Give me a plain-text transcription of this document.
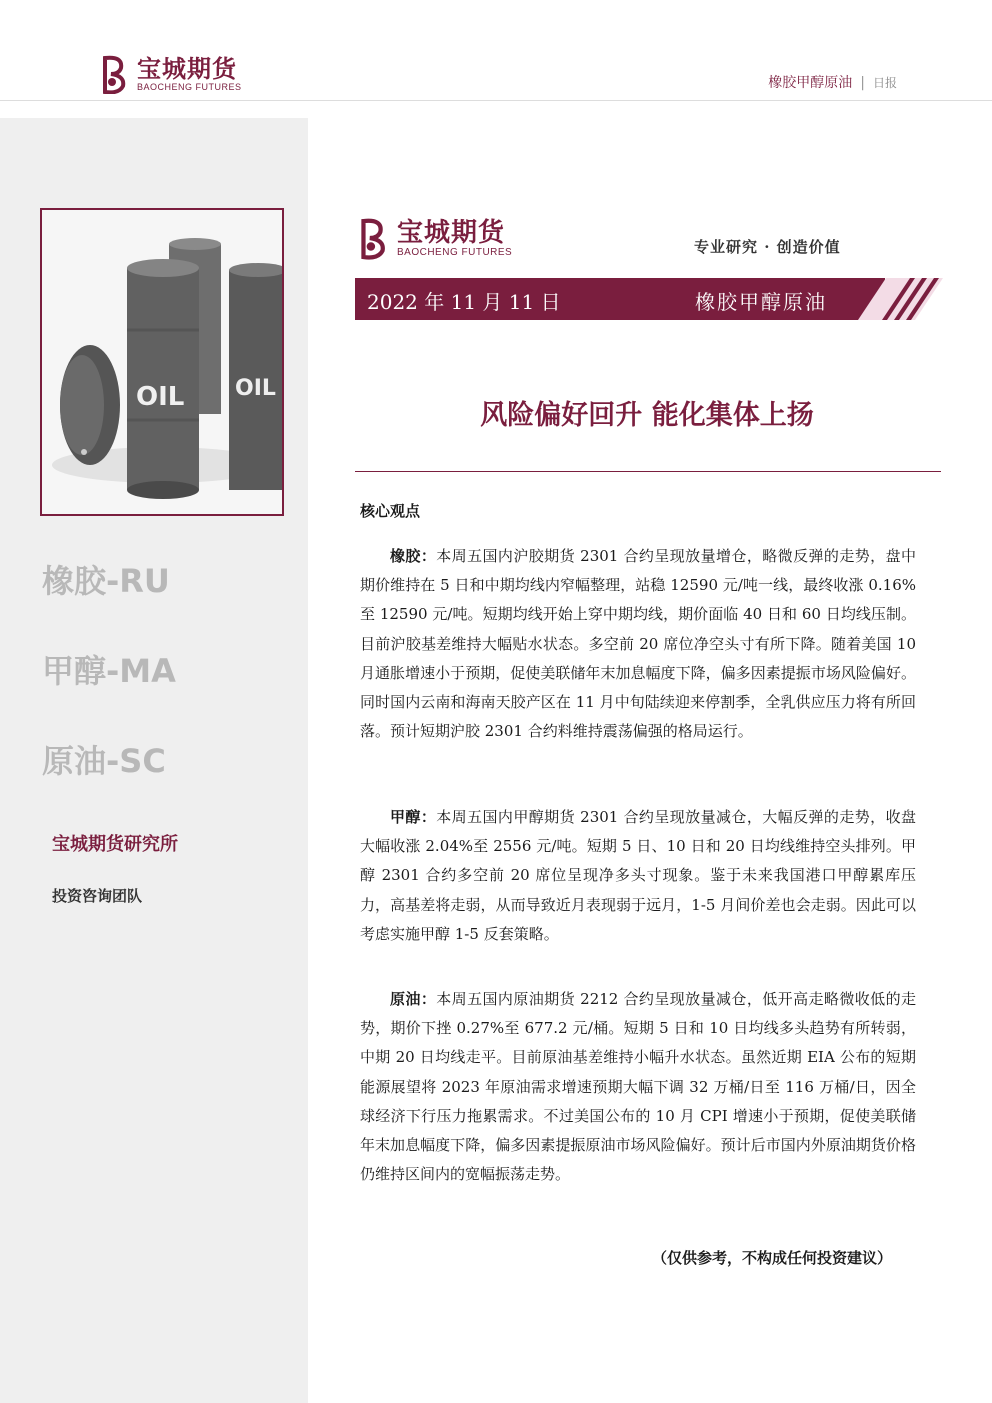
宝城期货
BAOCHENG FUTURES	橡胶甲醇原油 | 日报
OIL
OIL
橡胶-RU
甲醇-MA
原油-SC
宝城期货研究所
投资咨询团队
宝城期货
BAOCHENG FUTURES	专业研究 · 创造价值
2022 年 11 月 11 日	橡胶甲醇原油
风险偏好回升 能化集体上扬
核心观点

橡胶：本周五国内沪胶期货 2301 合约呈现放量增仓，略微反弹的走势，盘中期价维持在 5 日和中期均线内窄幅整理，站稳 12590 元/吨一线，最终收涨 0.16%至 12590 元/吨。短期均线开始上穿中期均线，期价面临 40 日和 60 日均线压制。目前沪胶基差维持大幅贴水状态。多空前 20 席位净空头寸有所下降。随着美国 10 月通胀增速小于预期，促使美联储年末加息幅度下降，偏多因素提振市场风险偏好。同时国内云南和海南天胶产区在 11 月中旬陆续迎来停割季，全乳供应压力将有所回落。预计短期沪胶 2301 合约料维持震荡偏强的格局运行。

甲醇：本周五国内甲醇期货 2301 合约呈现放量减仓，大幅反弹的走势，收盘大幅收涨 2.04%至 2556 元/吨。短期 5 日、10 日和 20 日均线维持空头排列。甲醇 2301 合约多空前 20 席位呈现净多头寸现象。鉴于未来我国港口甲醇累库压力，高基差将走弱，从而导致近月表现弱于远月，1-5 月间价差也会走弱。因此可以考虑实施甲醇 1-5 反套策略。

原油：本周五国内原油期货 2212 合约呈现放量减仓，低开高走略微收低的走势，期价下挫 0.27%至 677.2 元/桶。短期 5 日和 10 日均线多头趋势有所转弱，中期 20 日均线走平。目前原油基差维持小幅升水状态。虽然近期 EIA 公布的短期能源展望将 2023 年原油需求增速预期大幅下调 32 万桶/日至 116 万桶/日，因全球经济下行压力拖累需求。不过美国公布的 10 月 CPI 增速小于预期，促使美联储年末加息幅度下降，偏多因素提振原油市场风险偏好。预计后市国内外原油期货价格仍维持区间内的宽幅振荡走势。

（仅供参考，不构成任何投资建议）
